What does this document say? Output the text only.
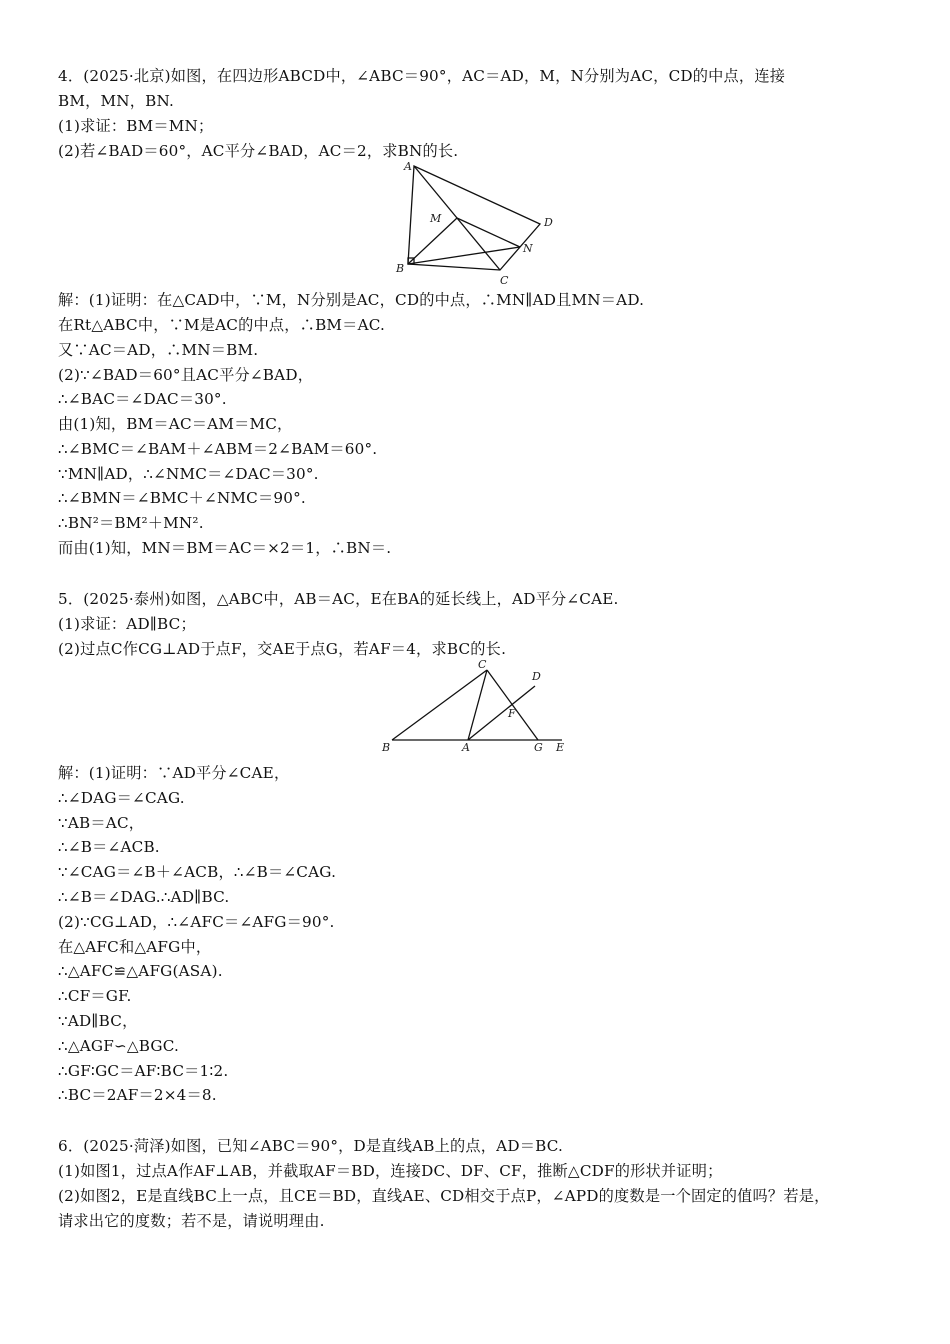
4．(2025·北京)如图，在四边形ABCD中，∠ABC＝90°，AC＝AD，M，N分别为AC，CD的中点，连接
BM，MN，BN.
(1)求证：BM＝MN；
(2)若∠BAD＝60°，AC平分∠BAD，AC＝2，求BN的长.
A
B
C
D
M
N
解：(1)证明：在△CAD中，∵M，N分别是AC，CD的中点，∴MN∥AD且MN＝AD.
在Rt△ABC中，∵M是AC的中点，∴BM＝AC.
又∵AC＝AD，∴MN＝BM.
(2)∵∠BAD＝60°且AC平分∠BAD，
∴∠BAC＝∠DAC＝30°.
由(1)知，BM＝AC＝AM＝MC，
∴∠BMC＝∠BAM＋∠ABM＝2∠BAM＝60°.
∵MN∥AD，∴∠NMC＝∠DAC＝30°.
∴∠BMN＝∠BMC＋∠NMC＝90°.
∴BN²＝BM²＋MN².
而由(1)知，MN＝BM＝AC＝×2＝1，∴BN＝.
5．(2025·泰州)如图，△ABC中，AB＝AC，E在BA的延长线上，AD平分∠CAE.
(1)求证：AD∥BC；
(2)过点C作CG⊥AD于点F，交AE于点G，若AF＝4，求BC的长.
B	A
C
D
F
G E
解：(1)证明：∵AD平分∠CAE，
∴∠DAG＝∠CAG.
∵AB＝AC，
∴∠B＝∠ACB.
∵∠CAG＝∠B＋∠ACB，∴∠B＝∠CAG.
∴∠B＝∠DAG.∴AD∥BC.
(2)∵CG⊥AD，∴∠AFC＝∠AFG＝90°.
在△AFC和△AFG中，
∴△AFC≌△AFG(ASA).
∴CF＝GF.
∵AD∥BC，
∴△AGF∽△BGC.
∴GF∶GC＝AF∶BC＝1∶2.
∴BC＝2AF＝2×4＝8.
6．(2025·菏泽)如图，已知∠ABC＝90°，D是直线AB上的点，AD＝BC.
(1)如图1，过点A作AF⊥AB，并截取AF＝BD，连接DC、DF、CF，推断△CDF的形状并证明；
(2)如图2，E是直线BC上一点，且CE＝BD，直线AE、CD相交于点P，∠APD的度数是一个固定的值吗？若是，
请求出它的度数；若不是，请说明理由.
